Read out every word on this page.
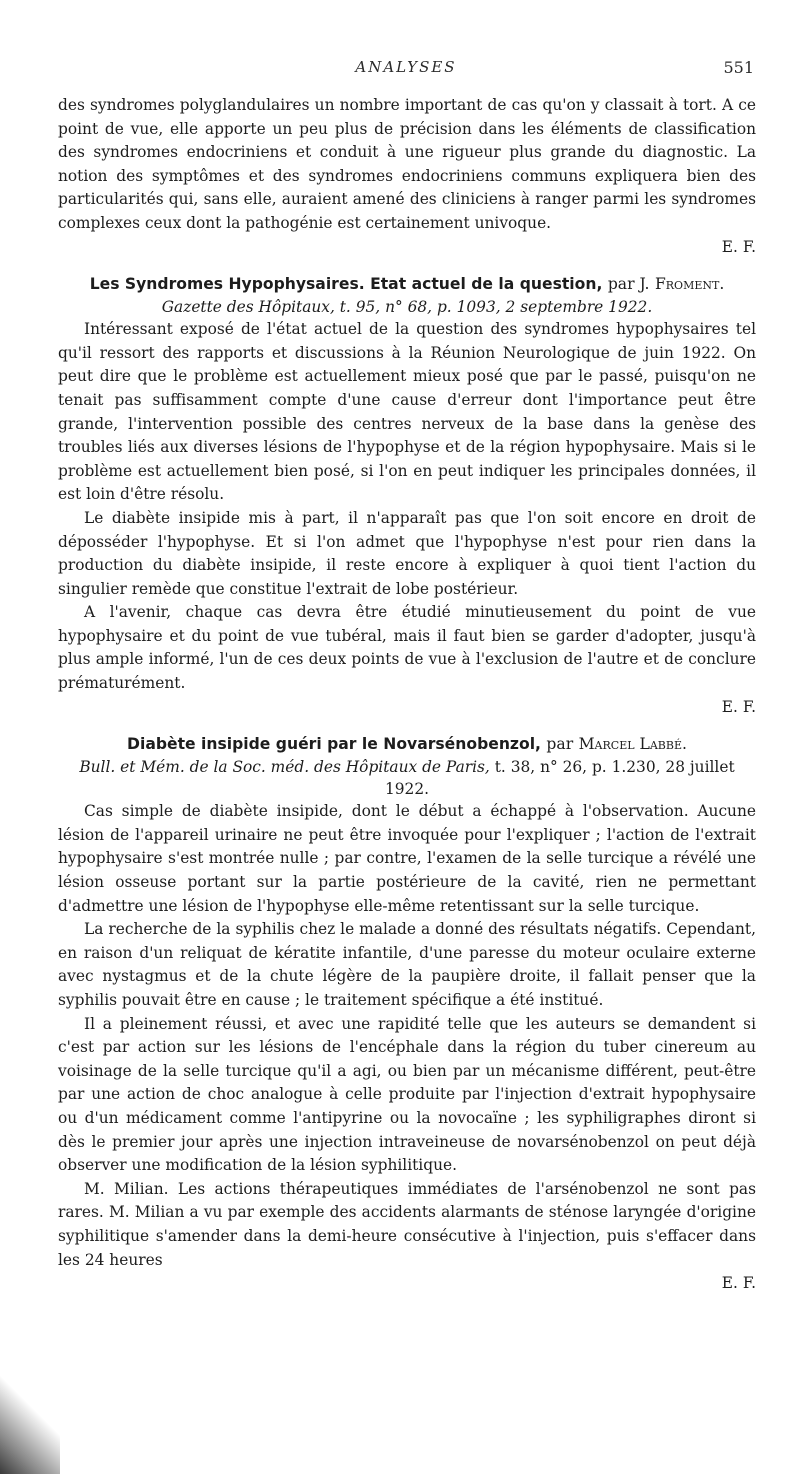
ANALYSES	551

des syndromes polyglandulaires un nombre important de cas qu'on y classait à tort. A ce point de vue, elle apporte un peu plus de précision dans les éléments de classification des syndromes endocriniens et conduit à une rigueur plus grande du diagnostic. La notion des symptômes et des syndromes endocriniens communs expliquera bien des particularités qui, sans elle, auraient amené des cliniciens à ranger parmi les syndromes complexes ceux dont la pathogénie est certainement univoque.

E. F.

Les Syndromes Hypophysaires. Etat actuel de la question, par J. Froment.

Gazette des Hôpitaux, t. 95, n° 68, p. 1093, 2 septembre 1922.

Intéressant exposé de l'état actuel de la question des syndromes hypophysaires tel qu'il ressort des rapports et discussions à la Réunion Neurologique de juin 1922. On peut dire que le problème est actuellement mieux posé que par le passé, puisqu'on ne tenait pas suffisamment compte d'une cause d'erreur dont l'importance peut être grande, l'intervention possible des centres nerveux de la base dans la genèse des troubles liés aux diverses lésions de l'hypophyse et de la région hypophysaire. Mais si le problème est actuellement bien posé, si l'on en peut indiquer les principales données, il est loin d'être résolu.

Le diabète insipide mis à part, il n'apparaît pas que l'on soit encore en droit de déposséder l'hypophyse. Et si l'on admet que l'hypophyse n'est pour rien dans la production du diabète insipide, il reste encore à expliquer à quoi tient l'action du singulier remède que constitue l'extrait de lobe postérieur.

A l'avenir, chaque cas devra être étudié minutieusement du point de vue hypophysaire et du point de vue tubéral, mais il faut bien se garder d'adopter, jusqu'à plus ample informé, l'un de ces deux points de vue à l'exclusion de l'autre et de conclure prématurément.

E. F.

Diabète insipide guéri par le Novarsénobenzol, par Marcel Labbé.

Bull. et Mém. de la Soc. méd. des Hôpitaux de Paris, t. 38, n° 26, p. 1.230, 28 juillet 1922.

Cas simple de diabète insipide, dont le début a échappé à l'observation. Aucune lésion de l'appareil urinaire ne peut être invoquée pour l'expliquer ; l'action de l'extrait hypophysaire s'est montrée nulle ; par contre, l'examen de la selle turcique a révélé une lésion osseuse portant sur la partie postérieure de la cavité, rien ne permettant d'admettre une lésion de l'hypophyse elle-même retentissant sur la selle turcique.

La recherche de la syphilis chez le malade a donné des résultats négatifs. Cependant, en raison d'un reliquat de kératite infantile, d'une paresse du moteur oculaire externe avec nystagmus et de la chute légère de la paupière droite, il fallait penser que la syphilis pouvait être en cause ; le traitement spécifique a été institué.

Il a pleinement réussi, et avec une rapidité telle que les auteurs se demandent si c'est par action sur les lésions de l'encéphale dans la région du tuber cinereum au voisinage de la selle turcique qu'il a agi, ou bien par un mécanisme différent, peut-être par une action de choc analogue à celle produite par l'injection d'extrait hypophysaire ou d'un médicament comme l'antipyrine ou la novocaïne ; les syphiligraphes diront si dès le premier jour après une injection intraveineuse de novarsénobenzol on peut déjà observer une modification de la lésion syphilitique.

M. Milian. Les actions thérapeutiques immédiates de l'arsénobenzol ne sont pas rares. M. Milian a vu par exemple des accidents alarmants de sténose laryngée d'origine syphilitique s'amender dans la demi-heure consécutive à l'injection, puis s'effacer dans les 24 heures

E. F.
